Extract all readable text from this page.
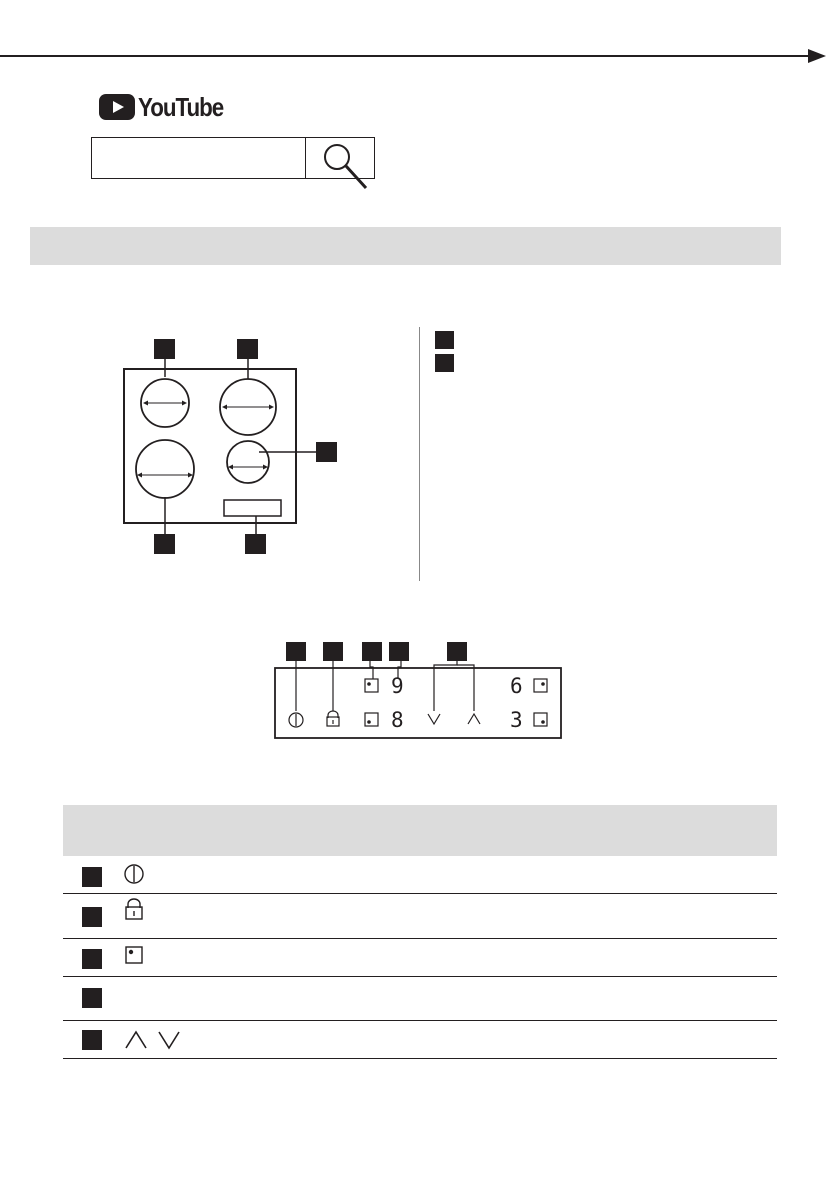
YouTube
9
8
6
3
